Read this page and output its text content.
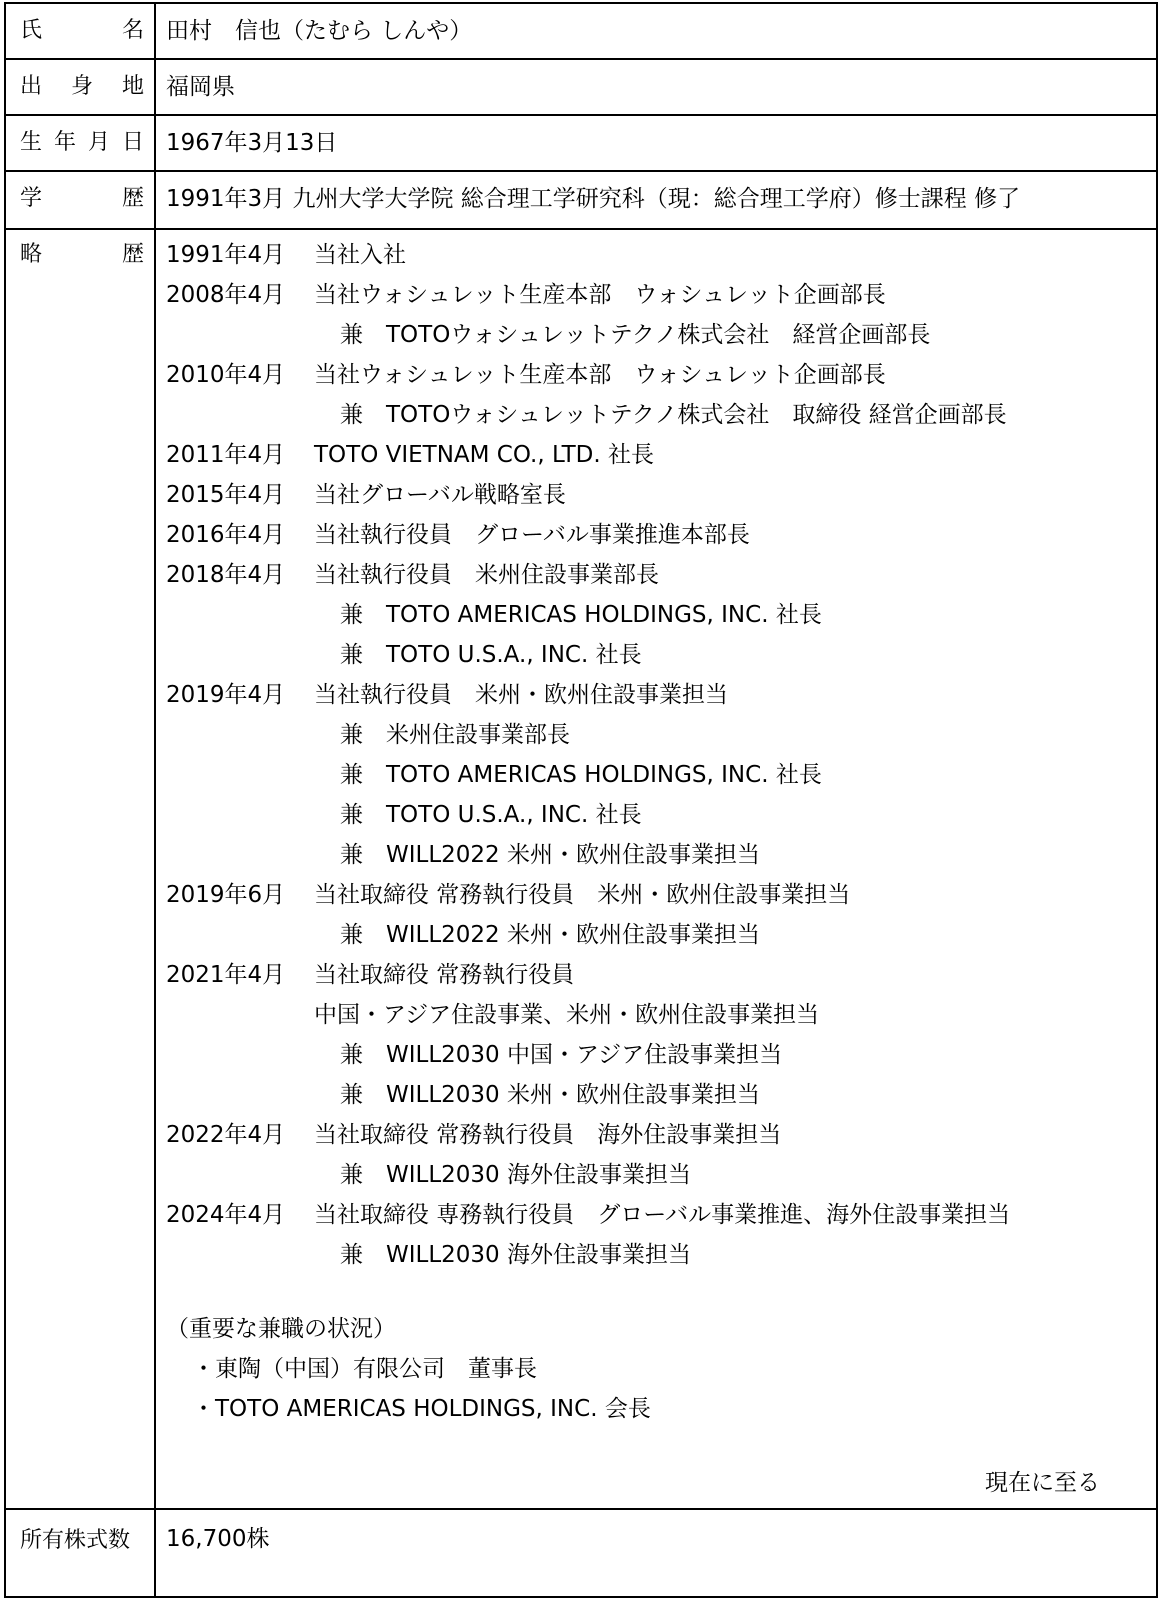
氏	名 田村　信也（たむら しんや）
出 身 地 福岡県
生 年 月 日 1967年3月13日
学	歴 1991年3月 九州大学大学院 総合理工学研究科（現：総合理工学府）修士課程 修了
略	歴 1991年4月	当社入社
2008年4月	当社ウォシュレット生産本部　ウォシュレット企画部長
兼　TOTOウォシュレットテクノ株式会社　経営企画部長
2010年4月	当社ウォシュレット生産本部　ウォシュレット企画部長
兼　TOTOウォシュレットテクノ株式会社　取締役 経営企画部長
2011年4月	TOTO VIETNAM CO., LTD. 社長
2015年4月	当社グローバル戦略室長
2016年4月	当社執行役員　グローバル事業推進本部長
2018年4月	当社執行役員　米州住設事業部長
兼　TOTO AMERICAS HOLDINGS, INC. 社長
兼　TOTO U.S.A., INC. 社長
2019年4月	当社執行役員　米州・欧州住設事業担当
兼　米州住設事業部長
兼　TOTO AMERICAS HOLDINGS, INC. 社長
兼　TOTO U.S.A., INC. 社長
兼　WILL2022 米州・欧州住設事業担当
2019年6月	当社取締役 常務執行役員　米州・欧州住設事業担当
兼　WILL2022 米州・欧州住設事業担当
2021年4月	当社取締役 常務執行役員
中国・アジア住設事業、米州・欧州住設事業担当
兼　WILL2030 中国・アジア住設事業担当
兼　WILL2030 米州・欧州住設事業担当
2022年4月	当社取締役 常務執行役員　海外住設事業担当
兼　WILL2030 海外住設事業担当
2024年4月	当社取締役 専務執行役員　グローバル事業推進、海外住設事業担当
兼　WILL2030 海外住設事業担当
（重要な兼職の状況）
・東陶（中国）有限公司　董事長
・TOTO AMERICAS HOLDINGS, INC. 会長
現在に至る
所有株式数 16,700株
